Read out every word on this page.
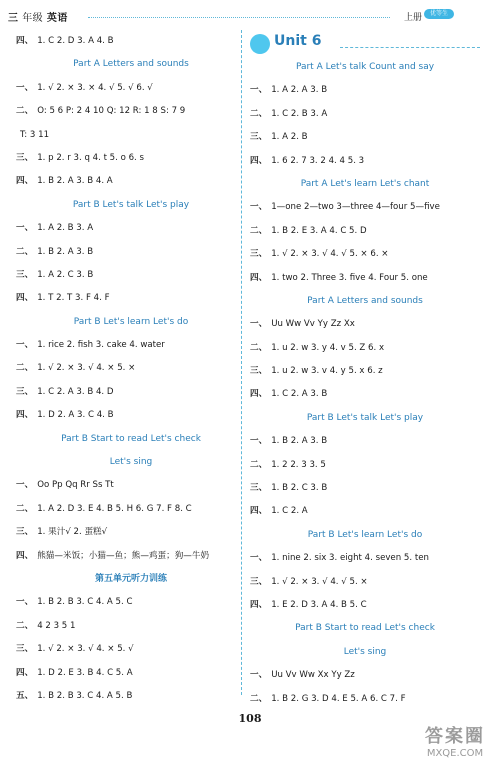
三 年级 英语	上册	优等生
四、 1. C 2. D 3. A 4. B
Part A Letters and sounds
一、 1. √ 2. × 3. × 4. √ 5. √ 6. √
二、 O: 5 6 P: 2 4 10 Q: 12 R: 1 8 S: 7 9
T: 3 11
三、 1. p 2. r 3. q 4. t 5. o 6. s
四、 1. B 2. A 3. B 4. A
Part B Let's talk Let's play
一、 1. A 2. B 3. A
二、 1. B 2. A 3. B
三、 1. A 2. C 3. B
四、 1. T 2. T 3. F 4. F
Part B Let's learn Let's do
一、 1. rice 2. fish 3. cake 4. water
二、 1. √ 2. × 3. √ 4. × 5. ×
三、 1. C 2. A 3. B 4. D
四、 1. D 2. A 3. C 4. B
Part B Start to read Let's check
Let's sing
一、 Oo Pp Qq Rr Ss Tt
二、 1. A 2. D 3. E 4. B 5. H 6. G 7. F 8. C
三、 1. 果汁√ 2. 蛋糕√
四、 熊猫—米饭；小猫—鱼；熊—鸡蛋；狗—牛奶
第五单元听力训练
一、 1. B 2. B 3. C 4. A 5. C
二、 4 2 3 5 1
三、 1. √ 2. × 3. √ 4. × 5. √
四、 1. D 2. E 3. B 4. C 5. A
五、 1. B 2. B 3. C 4. A 5. B
Unit 6
Part A Let's talk Count and say
一、 1. A 2. A 3. B
二、 1. C 2. B 3. A
三、 1. A 2. B
四、 1. 6 2. 7 3. 2 4. 4 5. 3
Part A Let's learn Let's chant
一、 1—one 2—two 3—three 4—four 5—five
二、 1. B 2. E 3. A 4. C 5. D
三、 1. √ 2. × 3. √ 4. √ 5. × 6. ×
四、 1. two 2. Three 3. five 4. Four 5. one
Part A Letters and sounds
一、 Uu Ww Vv Yy Zz Xx
二、 1. u 2. w 3. y 4. v 5. Z 6. x
三、 1. u 2. w 3. v 4. y 5. x 6. z
四、 1. C 2. A 3. B
Part B Let's talk Let's play
一、 1. B 2. A 3. B
二、 1. 2 2. 3 3. 5
三、 1. B 2. C 3. B
四、 1. C 2. A
Part B Let's learn Let's do
一、 1. nine 2. six 3. eight 4. seven 5. ten
三、 1. √ 2. × 3. √ 4. √ 5. ×
四、 1. E 2. D 3. A 4. B 5. C
Part B Start to read Let's check
Let's sing
一、 Uu Vv Ww Xx Yy Zz
二、 1. B 2. G 3. D 4. E 5. A 6. C 7. F
108
答案圈
MXQE.COM
